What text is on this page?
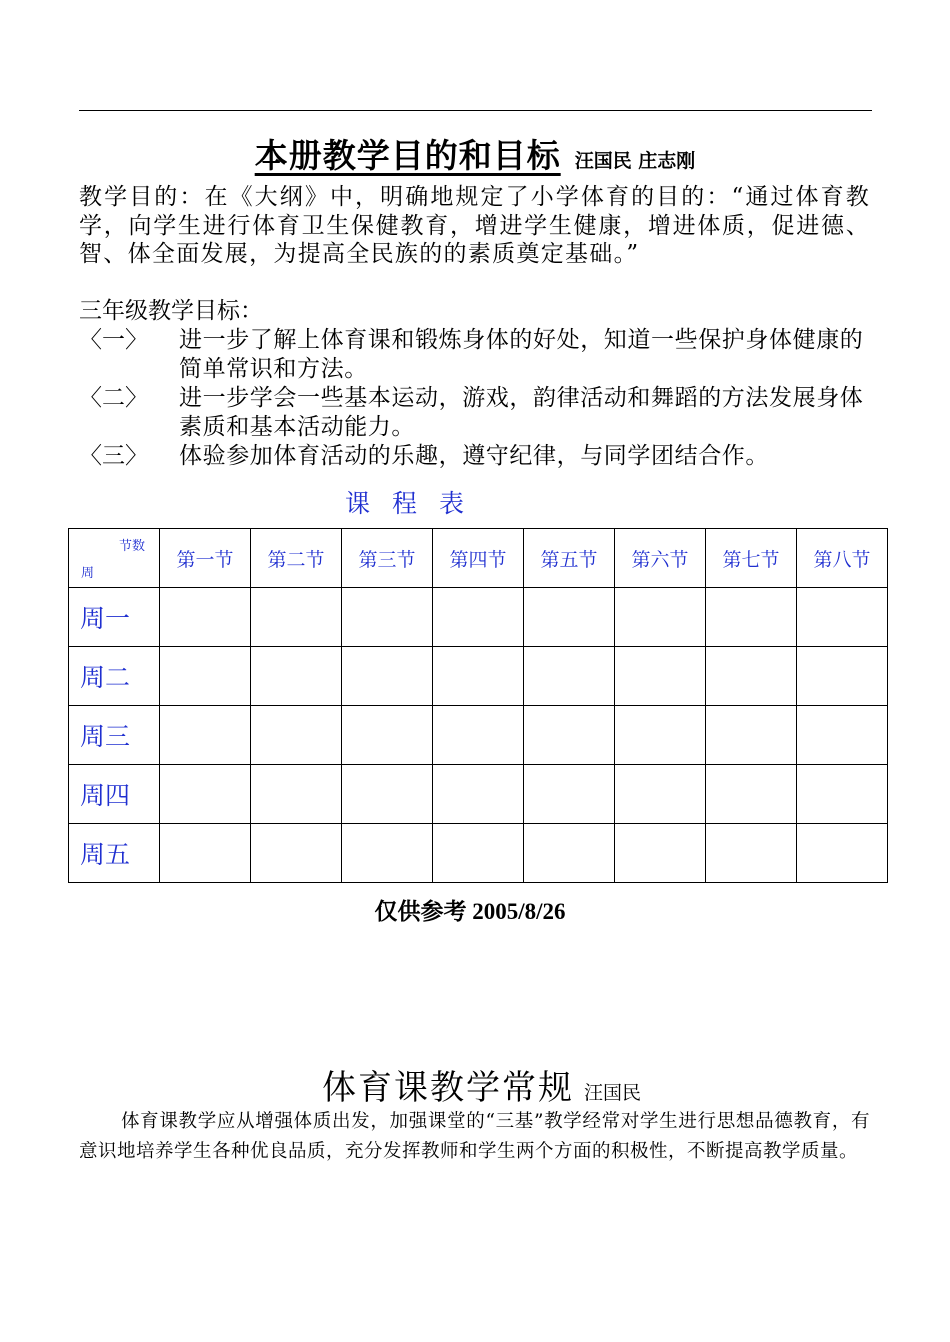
本册教学目的和目标 汪国民 庄志刚
教学目的：在《大纲》中，明确地规定了小学体育的目的：“通过体育教学，向学生进行体育卫生保健教育，增进学生健康，增进体质，促进德、智、体全面发展，为提高全民族的的素质奠定基础。”
三年级教学目标：
〈一〉 进一步了解上体育课和锻炼身体的好处，知道一些保护身体健康的简单常识和方法。
〈二〉 进一步学会一些基本运动，游戏，韵律活动和舞蹈的方法发展身体素质和基本活动能力。
〈三〉 体验参加体育活动的乐趣，遵守纪律，与同学团结合作。
课程表
节数
周	第一节	第二节	第三节	第四节	第五节	第六节	第七节	第八节
周一								
周二								
周三								
周四								
周五								
仅供参考 2005/8/26
体育课教学常规 汪国民
体育课教学应从增强体质出发，加强课堂的“三基”教学经常对学生进行思想品德教育，有意识地培养学生各种优良品质，充分发挥教师和学生两个方面的积极性，不断提高教学质量。
